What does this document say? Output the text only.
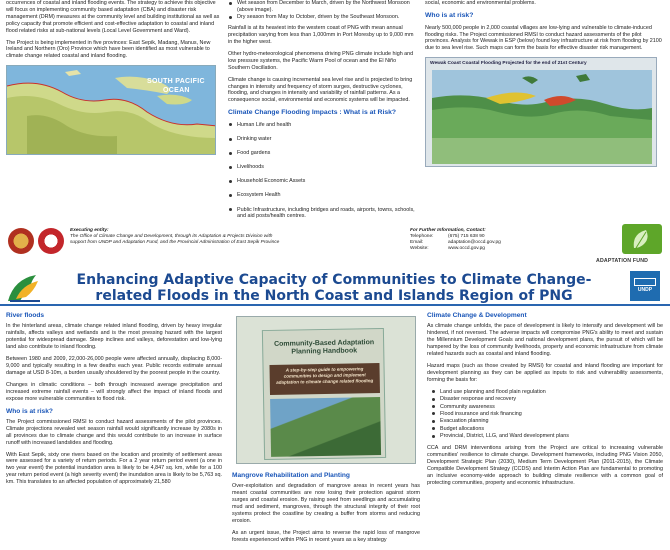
occurrences of coastal and inland flooding events. The strategy to achieve this objective will focus on implementing community based adaptation (CBA) and disaster risk management (DRM) measures at the community level and building institutional as well as policy capacity that promote efficient and cost-effective adaptation to coastal and inland flood related risks at sub-national levels (Local Level Government and Ward).

The Project is being implemented in five provinces: East Sepik, Madang, Manus, New Ireland and Northern (Oro) Province which have been identified as most vulnerable to climate change related coastal and inland flooding.

SOUTH PACIFIC
OCEAN
Wet season from December to March, driven by the Northwest Monsoon (above image).
Dry season from May to October, driven by the Southeast Monsoon.

Rainfall is at its heaviest into the western coast of PNG with mean annual precipitation varying from less than 1,000mm in Port Moresby up to 9,000 mm in the higher west.

Other hydro-meteorological phenomena driving PNG climate include high and low pressure systems, the Pacific Warm Pool of ocean and the El Niño Southern Oscillation.

Climate change is causing incremental sea level rise and is projected to bring changes in intensity and frequency of storm surges, destructive cyclones, flooding, and changes in intensity and variability of rainfall patterns. As a consequence social, environmental and economic systems will be impacted.

Climate Change Flooding Impacts : What is at Risk?
Human Life and health
Drinking water
Food gardens
Livelihoods
Household Economic Assets
Ecosystem Health
Public Infrastructure, including bridges and roads, airports, towns, schools, and aid posts/health centres.

social, economic and environmental problems.

Who is at risk?

Nearly 500,000 people in 2,000 coastal villages are low-lying and vulnerable to climate-induced flooding risks. The Project commissioned RMSI to conduct hazard assessments of the pilot provinces. Analysis for Wewak in ESP (below) found key infrastructure at risk from flooding by 2100 due to sea level rise. Such maps can form the basis for effective disaster risk management.

Wewak Coast Coastal Flooding Projected for the end of 21st Century
Executing entity:
The Office of Climate Change and Development, through its Adaptation & Projects Division with support from UNDP and Adaptation Fund, and the Provincial Administration of East Sepik Province
For Further Information, Contact:
Telephone:	(675) 715 638 90
Email:	adaptation@occd.gov.pg
Website:	www.occd.gov.pg
ADAPTATION FUND
Enhancing Adaptive Capacity of Communities to Climate Change-related Floods in the North Coast and Islands Region of PNG	UNDP
River floods

In the hinterland areas, climate change related inland flooding, driven by heavy irregular rainfalls, affects valleys and wetlands and is the most pressing hazard with the largest potential for widespread damage. Steep inclines and valleys, deforestation and low-lying land also contribute to inland flooding.

Between 1980 and 2009, 22,000-26,000 people were affected annually, displacing 8,000-9,000 and typically resulting in a few deaths each year. Public records estimate annual damage at USD 8-10m, a burden usually shouldered by the poorest people in the country.

Changes in climatic conditions – both through increased average precipitation and increased extreme rainfall events – will strongly affect the impact of inland floods and expose more vulnerable communities to flood risk.

Who is at risk?

The Project commissioned RMSI to conduct hazard assessments of the pilot provinces. Climate projections revealed wet season rainfall would significantly increase by 2080s in all provinces due to climate change and this would contribute to an increase in surface runoff with increased landslides and flooding.

With East Sepik, sixty one rivers based on the location and proximity of settlement areas were assessed for a variety of return periods. For a 2 year return period event (a one in two year event) the potential inundation area is likely to be 4,847 sq. km, while for a 100 year return period event (a high severity event) the inundation area is likely to be 5,763 sq. km. This translates to an affected population of approximately 21,580

Community-Based Adaptation Planning Handbook
A step-by-step guide to empowering communities to design and implement adaptation to climate change related flooding
Mangrove Rehabilitation and Planting

Over-exploitation and degradation of mangrove areas in recent years has meant coastal communities are now losing their protection against storm surges and coastal erosion. By raising seed from seedlings and accumulating mud and sediment, mangroves, through the structural integrity of their root systems protect the coastline by creating a buffer from storms and reducing erosion.

As an urgent issue, the Project aims to reverse the rapid loss of mangrove forests experienced within PNG in recent years as a key strategy

Climate Change & Development

As climate change unfolds, the pace of development is likely to intensify and development will be hindered, if not reversed. The adverse impacts will compromise PNG's ability to meet and sustain the Millennium Development Goals and national development plans, the pursuit of which will be hampered by the loss of community livelihoods, property and economic infrastructure from climate related hazards such as coastal and inland flooding.

Hazard maps (such as those created by RMSI) for coastal and inland flooding are important for development planning as they can be applied as inputs to risk and vulnerability assessments, forming the basis for:

Land use planning and flood plain regulation
Disaster response and recovery
Community awareness
Flood insurance and risk financing
Evacuation planning
Budget allocations
Provincial, District, LLG, and Ward development plans

CCA and DRM interventions arising from the Project are critical to increasing vulnerable communities' resilience to climate change. Development frameworks, including PNG Vision 2050, Development Strategic Plan (2030), Medium Term Development Plan (2011-2015), the Climate Compatible Development Strategy (CCDS) and Interim Action Plan are fundamental to promoting an inclusive economy-wide approach to building climate resilience with a common goal of protecting communities, property and economic infrastructure.
